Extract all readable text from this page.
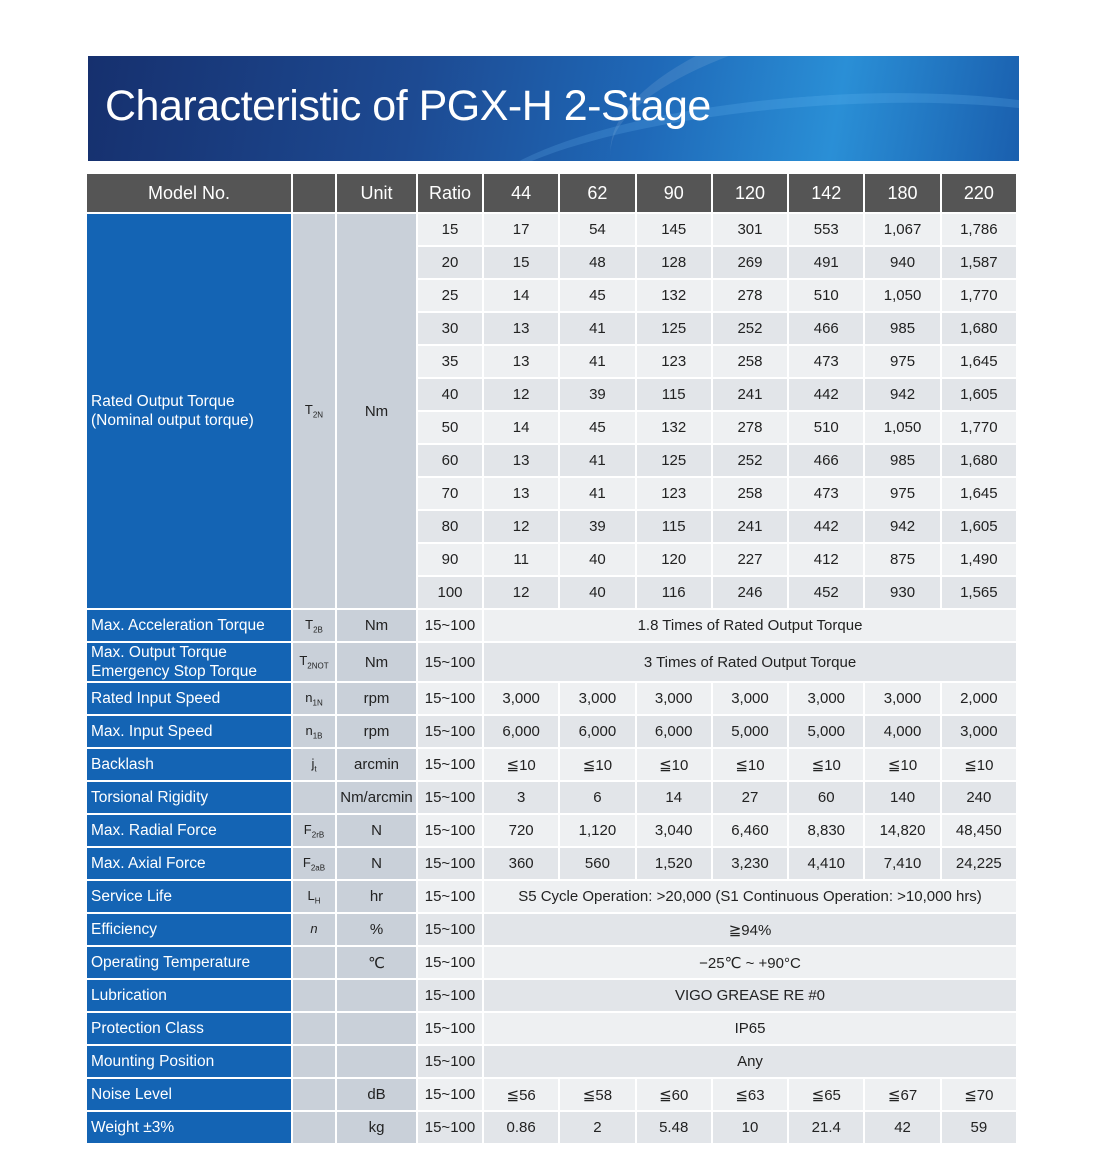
Characteristic of PGX-H 2-Stage
Model No.		Unit	Ratio	44	62	90	120	142	180	220
Rated Output Torque
(Nominal output torque)	$T_{2N}$	Nm	15	17	54	145	301	553	1,067	1,786
			20	15	48	128	269	491	940	1,587
			25	14	45	132	278	510	1,050	1,770
			30	13	41	125	252	466	985	1,680
			35	13	41	123	258	473	975	1,645
			40	12	39	115	241	442	942	1,605
			50	14	45	132	278	510	1,050	1,770
			60	13	41	125	252	466	985	1,680
			70	13	41	123	258	473	975	1,645
			80	12	39	115	241	442	942	1,605
			90	11	40	120	227	412	875	1,490
			100	12	40	116	246	452	930	1,565
Max. Acceleration Torque	$T_{2B}$	Nm	15~100	1.8 Times of Rated Output Torque						
Max. Output Torque
Emergency Stop Torque	$T_{2NOT}$	Nm	15~100	3 Times of Rated Output Torque						
Rated Input Speed	$n_{1N}$	rpm	15~100	3,000	3,000	3,000	3,000	3,000	3,000	2,000
Max. Input Speed	$n_{1B}$	rpm	15~100	6,000	6,000	6,000	5,000	5,000	4,000	3,000
Backlash	$j_t$	arcmin	15~100	≦10	≦10	≦10	≦10	≦10	≦10	≦10
Torsional Rigidity		Nm/arcmin	15~100	3	6	14	27	60	140	240
Max. Radial Force	$F_{2rB}$	N	15~100	720	1,120	3,040	6,460	8,830	14,820	48,450
Max. Axial Force	$F_{2aB}$	N	15~100	360	560	1,520	3,230	4,410	7,410	24,225
Service Life	$L_H$	hr	15~100	S5 Cycle Operation: >20,000 (S1 Continuous Operation: >10,000 hrs)						
Efficiency	n	%	15~100	≧94%						
Operating Temperature		℃	15~100	−25℃ ~ +90°C						
Lubrication			15~100	VIGO GREASE RE #0						
Protection Class			15~100	IP65						
Mounting Position			15~100	Any						
Noise Level		dB	15~100	≦56	≦58	≦60	≦63	≦65	≦67	≦70
Weight ±3%		kg	15~100	0.86	2	5.48	10	21.4	42	59
